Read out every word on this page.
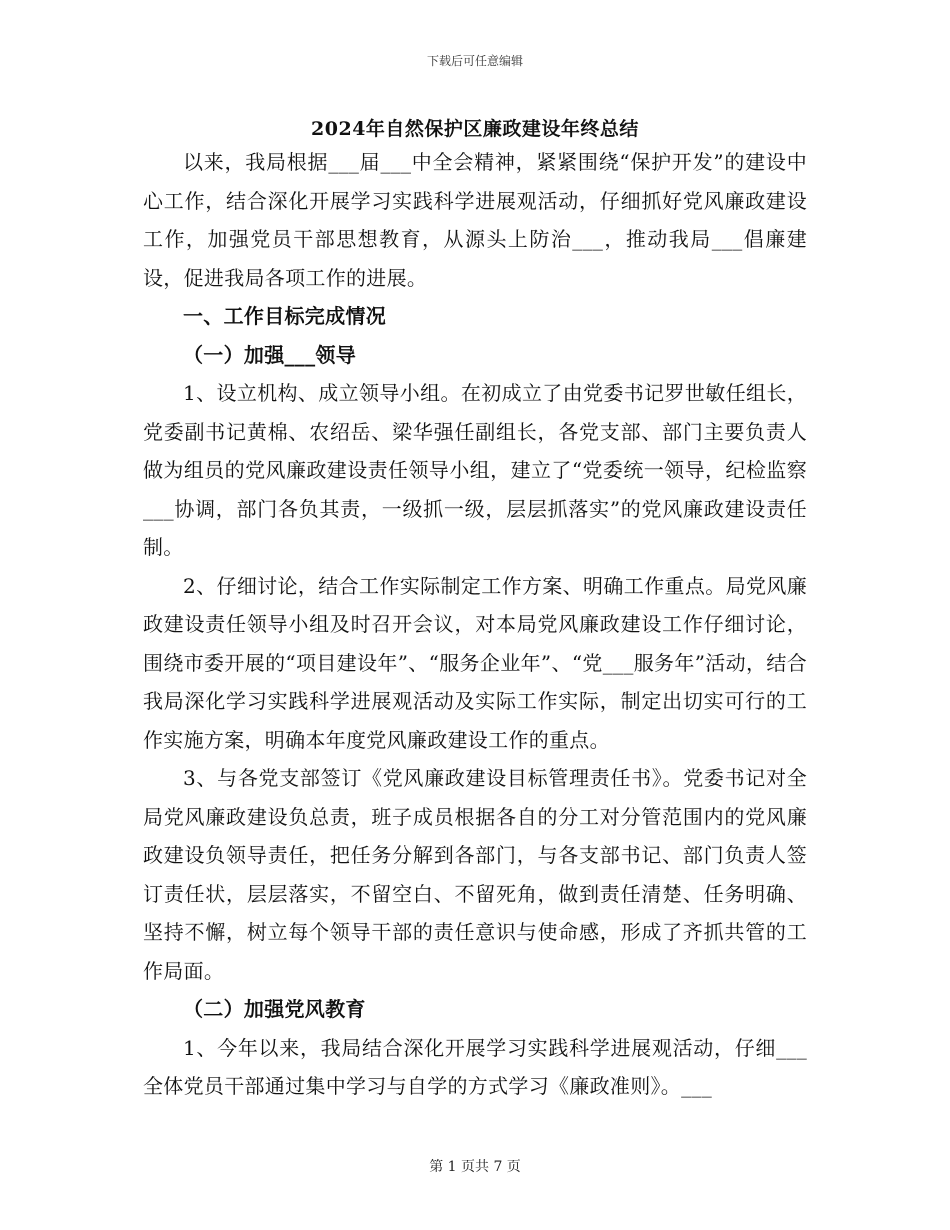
下载后可任意编辑
2024年自然保护区廉政建设年终总结

以来，我局根据___届___中全会精神，紧紧围绕“保护开发”的建设中心工作，结合深化开展学习实践科学进展观活动，仔细抓好党风廉政建设工作，加强党员干部思想教育，从源头上防治___，推动我局___倡廉建设，促进我局各项工作的进展。

一、工作目标完成情况

（一）加强___领导

1、设立机构、成立领导小组。在初成立了由党委书记罗世敏任组长，党委副书记黄棉、农绍岳、梁华强任副组长，各党支部、部门主要负责人做为组员的党风廉政建设责任领导小组，建立了“党委统一领导，纪检监察___协调，部门各负其责，一级抓一级，层层抓落实”的党风廉政建设责任制。

2、仔细讨论，结合工作实际制定工作方案、明确工作重点。局党风廉政建设责任领导小组及时召开会议，对本局党风廉政建设工作仔细讨论，围绕市委开展的“项目建设年”、“服务企业年”、“党___服务年”活动，结合我局深化学习实践科学进展观活动及实际工作实际，制定出切实可行的工作实施方案，明确本年度党风廉政建设工作的重点。

3、与各党支部签订《党风廉政建设目标管理责任书》。党委书记对全局党风廉政建设负总责，班子成员根据各自的分工对分管范围内的党风廉政建设负领导责任，把任务分解到各部门，与各支部书记、部门负责人签订责任状，层层落实，不留空白、不留死角，做到责任清楚、任务明确、坚持不懈，树立每个领导干部的责任意识与使命感，形成了齐抓共管的工作局面。

（二）加强党风教育

1、今年以来，我局结合深化开展学习实践科学进展观活动，仔细___全体党员干部通过集中学习与自学的方式学习《廉政准则》。___

第 1 页共 7 页
